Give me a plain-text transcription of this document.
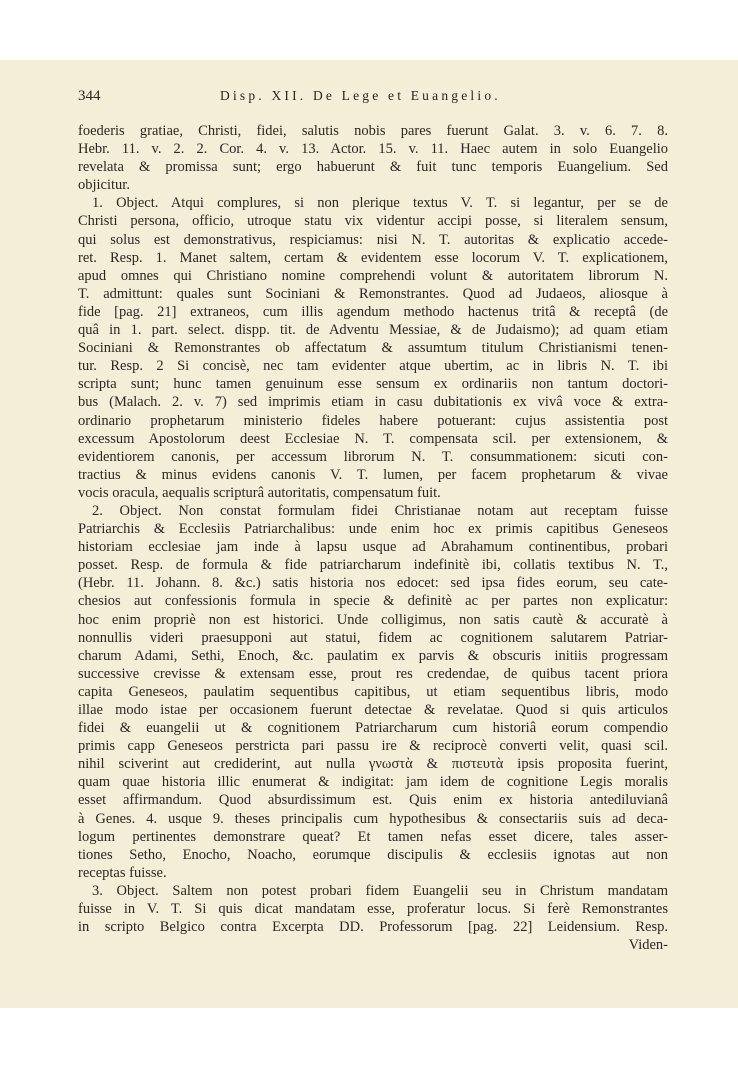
344	Disp. XII. De Lege et Euangelio.
foederis gratiae, Christi, fidei, salutis nobis pares fuerunt Galat. 3. v. 6. 7. 8.
Hebr. 11. v. 2. 2. Cor. 4. v. 13. Actor. 15. v. 11. Haec autem in solo Euangelio
revelata & promissa sunt; ergo habuerunt & fuit tunc temporis Euangelium. Sed
objicitur.
1. Object. Atqui complures, si non plerique textus V. T. si legantur, per se de
Christi persona, officio, utroque statu vix videntur accipi posse, si literalem sensum,
qui solus est demonstrativus, respiciamus: nisi N. T. autoritas & explicatio accede-
ret. Resp. 1. Manet saltem, certam & evidentem esse locorum V. T. explicationem,
apud omnes qui Christiano nomine comprehendi volunt & autoritatem librorum N.
T. admittunt: quales sunt Sociniani & Remonstrantes. Quod ad Judaeos, aliosque à
fide [pag. 21] extraneos, cum illis agendum methodo hactenus tritâ & receptâ (de
quâ in 1. part. select. dispp. tit. de Adventu Messiae, & de Judaismo); ad quam etiam
Sociniani & Remonstrantes ob affectatum & assumtum titulum Christianismi tenen-
tur. Resp. 2 Si concisè, nec tam evidenter atque ubertim, ac in libris N. T. ibi
scripta sunt; hunc tamen genuinum esse sensum ex ordinariis non tantum doctori-
bus (Malach. 2. v. 7) sed imprimis etiam in casu dubitationis ex vivâ voce & extra-
ordinario prophetarum ministerio fideles habere potuerant: cujus assistentia post
excessum Apostolorum deest Ecclesiae N. T. compensata scil. per extensionem, &
evidentiorem canonis, per accessum librorum N. T. consummationem: sicuti con-
tractius & minus evidens canonis V. T. lumen, per facem prophetarum & vivae
vocis oracula, aequalis scripturâ autoritatis, compensatum fuit.
2. Object. Non constat formulam fidei Christianae notam aut receptam fuisse
Patriarchis & Ecclesiis Patriarchalibus: unde enim hoc ex primis capitibus Geneseos
historiam ecclesiae jam inde à lapsu usque ad Abrahamum continentibus, probari
posset. Resp. de formula & fide patriarcharum indefinitè ibi, collatis textibus N. T.,
(Hebr. 11. Johann. 8. &c.) satis historia nos edocet: sed ipsa fides eorum, seu cate-
chesios aut confessionis formula in specie & definitè ac per partes non explicatur:
hoc enim propriè non est historici. Unde colligimus, non satis cautè & accuratè à
nonnullis videri praesupponi aut statui, fidem ac cognitionem salutarem Patriar-
charum Adami, Sethi, Enoch, &c. paulatim ex parvis & obscuris initiis progressam
successive crevisse & extensam esse, prout res credendae, de quibus tacent priora
capita Geneseos, paulatim sequentibus capitibus, ut etiam sequentibus libris, modo
illae modo istae per occasionem fuerunt detectae & revelatae. Quod si quis articulos
fidei & euangelii ut & cognitionem Patriarcharum cum historiâ eorum compendio
primis capp Geneseos perstricta pari passu ire & reciprocè converti velit, quasi scil.
nihil sciverint aut crediderint, aut nulla γνωστὰ & πιστευτὰ ipsis proposita fuerint,
quam quae historia illic enumerat & indigitat: jam idem de cognitione Legis moralis
esset affirmandum. Quod absurdissimum est. Quis enim ex historia antediluvianâ
à Genes. 4. usque 9. theses principalis cum hypothesibus & consectariis suis ad deca-
logum pertinentes demonstrare queat? Et tamen nefas esset dicere, tales asser-
tiones Setho, Enocho, Noacho, eorumque discipulis & ecclesiis ignotas aut non
receptas fuisse.
3. Object. Saltem non potest probari fidem Euangelii seu in Christum mandatam
fuisse in V. T. Si quis dicat mandatam esse, proferatur locus. Si ferè Remonstrantes
in scripto Belgico contra Excerpta DD. Professorum [pag. 22] Leidensium. Resp.
Viden-
